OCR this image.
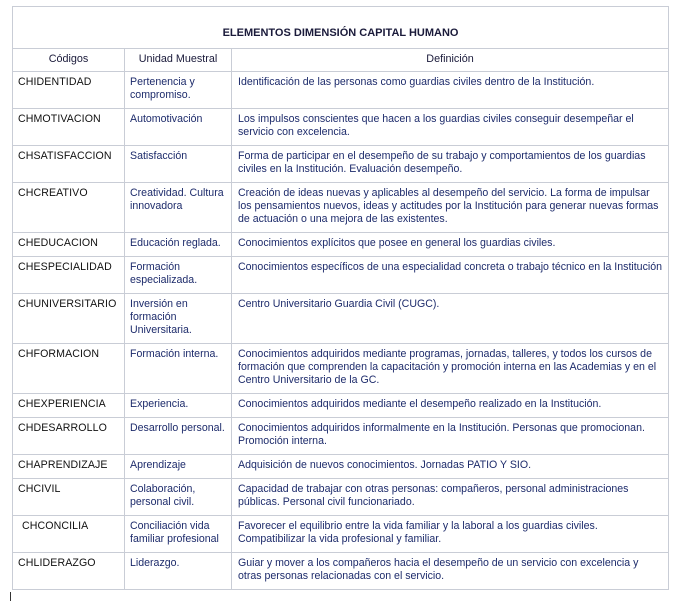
ELEMENTOS DIMENSIÓN CAPITAL HUMANO		
Códigos	Unidad Muestral	Definición
CHIDENTIDAD	Pertenencia y compromiso.	Identificación de las personas como guardias civiles dentro de la Institución.
CHMOTIVACION	Automotivación	Los impulsos conscientes que hacen a los guardias civiles conseguir desempeñar el servicio con excelencia.
CHSATISFACCION	Satisfacción	Forma de participar en el desempeño de su trabajo y comportamientos de los guardias civiles en la Institución. Evaluación desempeño.
CHCREATIVO	Creatividad. Cultura innovadora	Creación de ideas nuevas y aplicables al desempeño del servicio. La forma de impulsar los pensamientos nuevos, ideas y actitudes por la Institución para generar nuevas formas de actuación o una mejora de las existentes.
CHEDUCACION	Educación reglada.	Conocimientos explícitos que posee en general los guardias civiles.
CHESPECIALIDAD	Formación especializada.	Conocimientos específicos de una especialidad concreta o trabajo técnico en la Institución
CHUNIVERSITARIO	Inversión en formación Universitaria.	Centro Universitario Guardia Civil (CUGC).
CHFORMACION	Formación interna.	Conocimientos adquiridos mediante programas, jornadas, talleres, y todos los cursos de formación que comprenden la capacitación y promoción interna en las Academias y en el Centro Universitario de la GC.
CHEXPERIENCIA	Experiencia.	Conocimientos adquiridos mediante el desempeño realizado en la Institución.
CHDESARROLLO	Desarrollo personal.	Conocimientos adquiridos informalmente en la Institución. Personas que promocionan. Promoción interna.
CHAPRENDIZAJE	Aprendizaje	Adquisición de nuevos conocimientos. Jornadas PATIO Y SIO.
CHCIVIL	Colaboración, personal civil.	Capacidad de trabajar con otras personas: compañeros, personal administraciones públicas. Personal civil funcionariado.
CHCONCILIA	Conciliación vida familiar profesional	Favorecer el equilibrio entre la vida familiar y la laboral a los guardias civiles. Compatibilizar la vida profesional y familiar.
CHLIDERAZGO	Liderazgo.	Guiar y mover a los compañeros hacia el desempeño de un servicio con excelencia y otras personas relacionadas con el servicio.
